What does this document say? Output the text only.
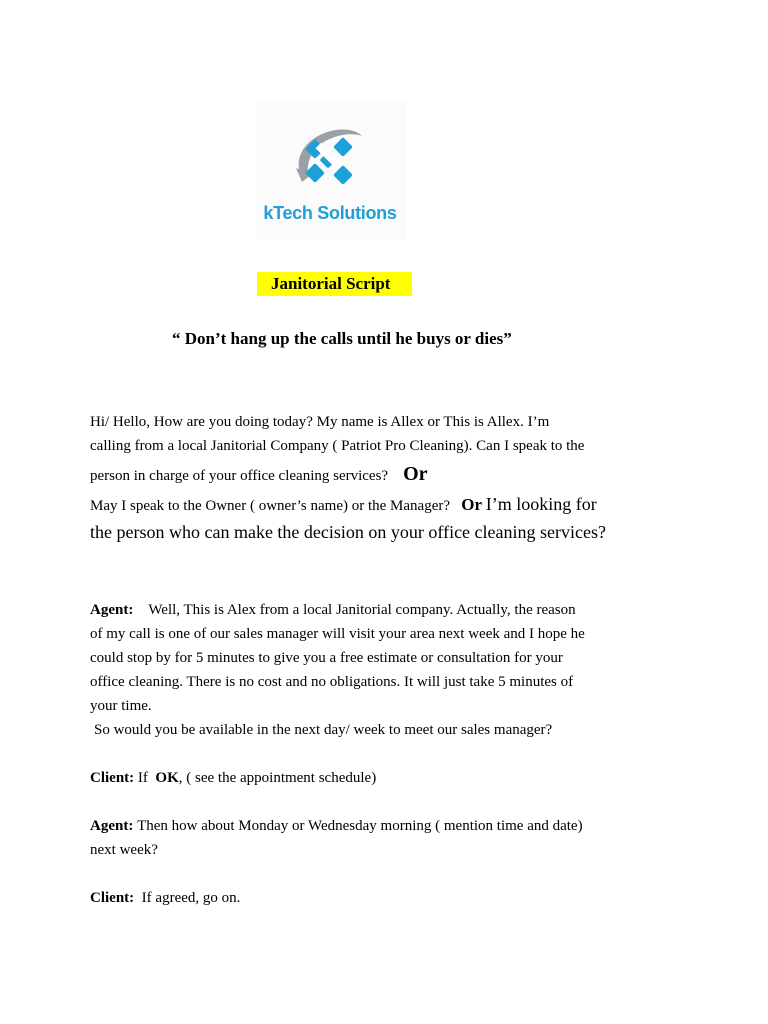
kTech Solutions
Janitorial Script
“ Don’t hang up the calls until he buys or dies”
Hi/ Hello, How are you doing today? My name is Allex or This is Allex. I’m
calling from a local Janitorial Company ( Patriot Pro Cleaning). Can I speak to the
person in charge of your office cleaning services? Or
May I speak to the Owner ( owner’s name) or the Manager? Or I’m looking for
the person who can make the decision on your office cleaning services?
Agent: Well, This is Alex from a local Janitorial company. Actually, the reason
of my call is one of our sales manager will visit your area next week and I hope he
could stop by for 5 minutes to give you a free estimate or consultation for your
office cleaning. There is no cost and no obligations. It will just take 5 minutes of
your time.
So would you be available in the next day/ week to meet our sales manager?
Client: If OK, ( see the appointment schedule)
Agent: Then how about Monday or Wednesday morning ( mention time and date)
next week?
Client: If agreed, go on.
